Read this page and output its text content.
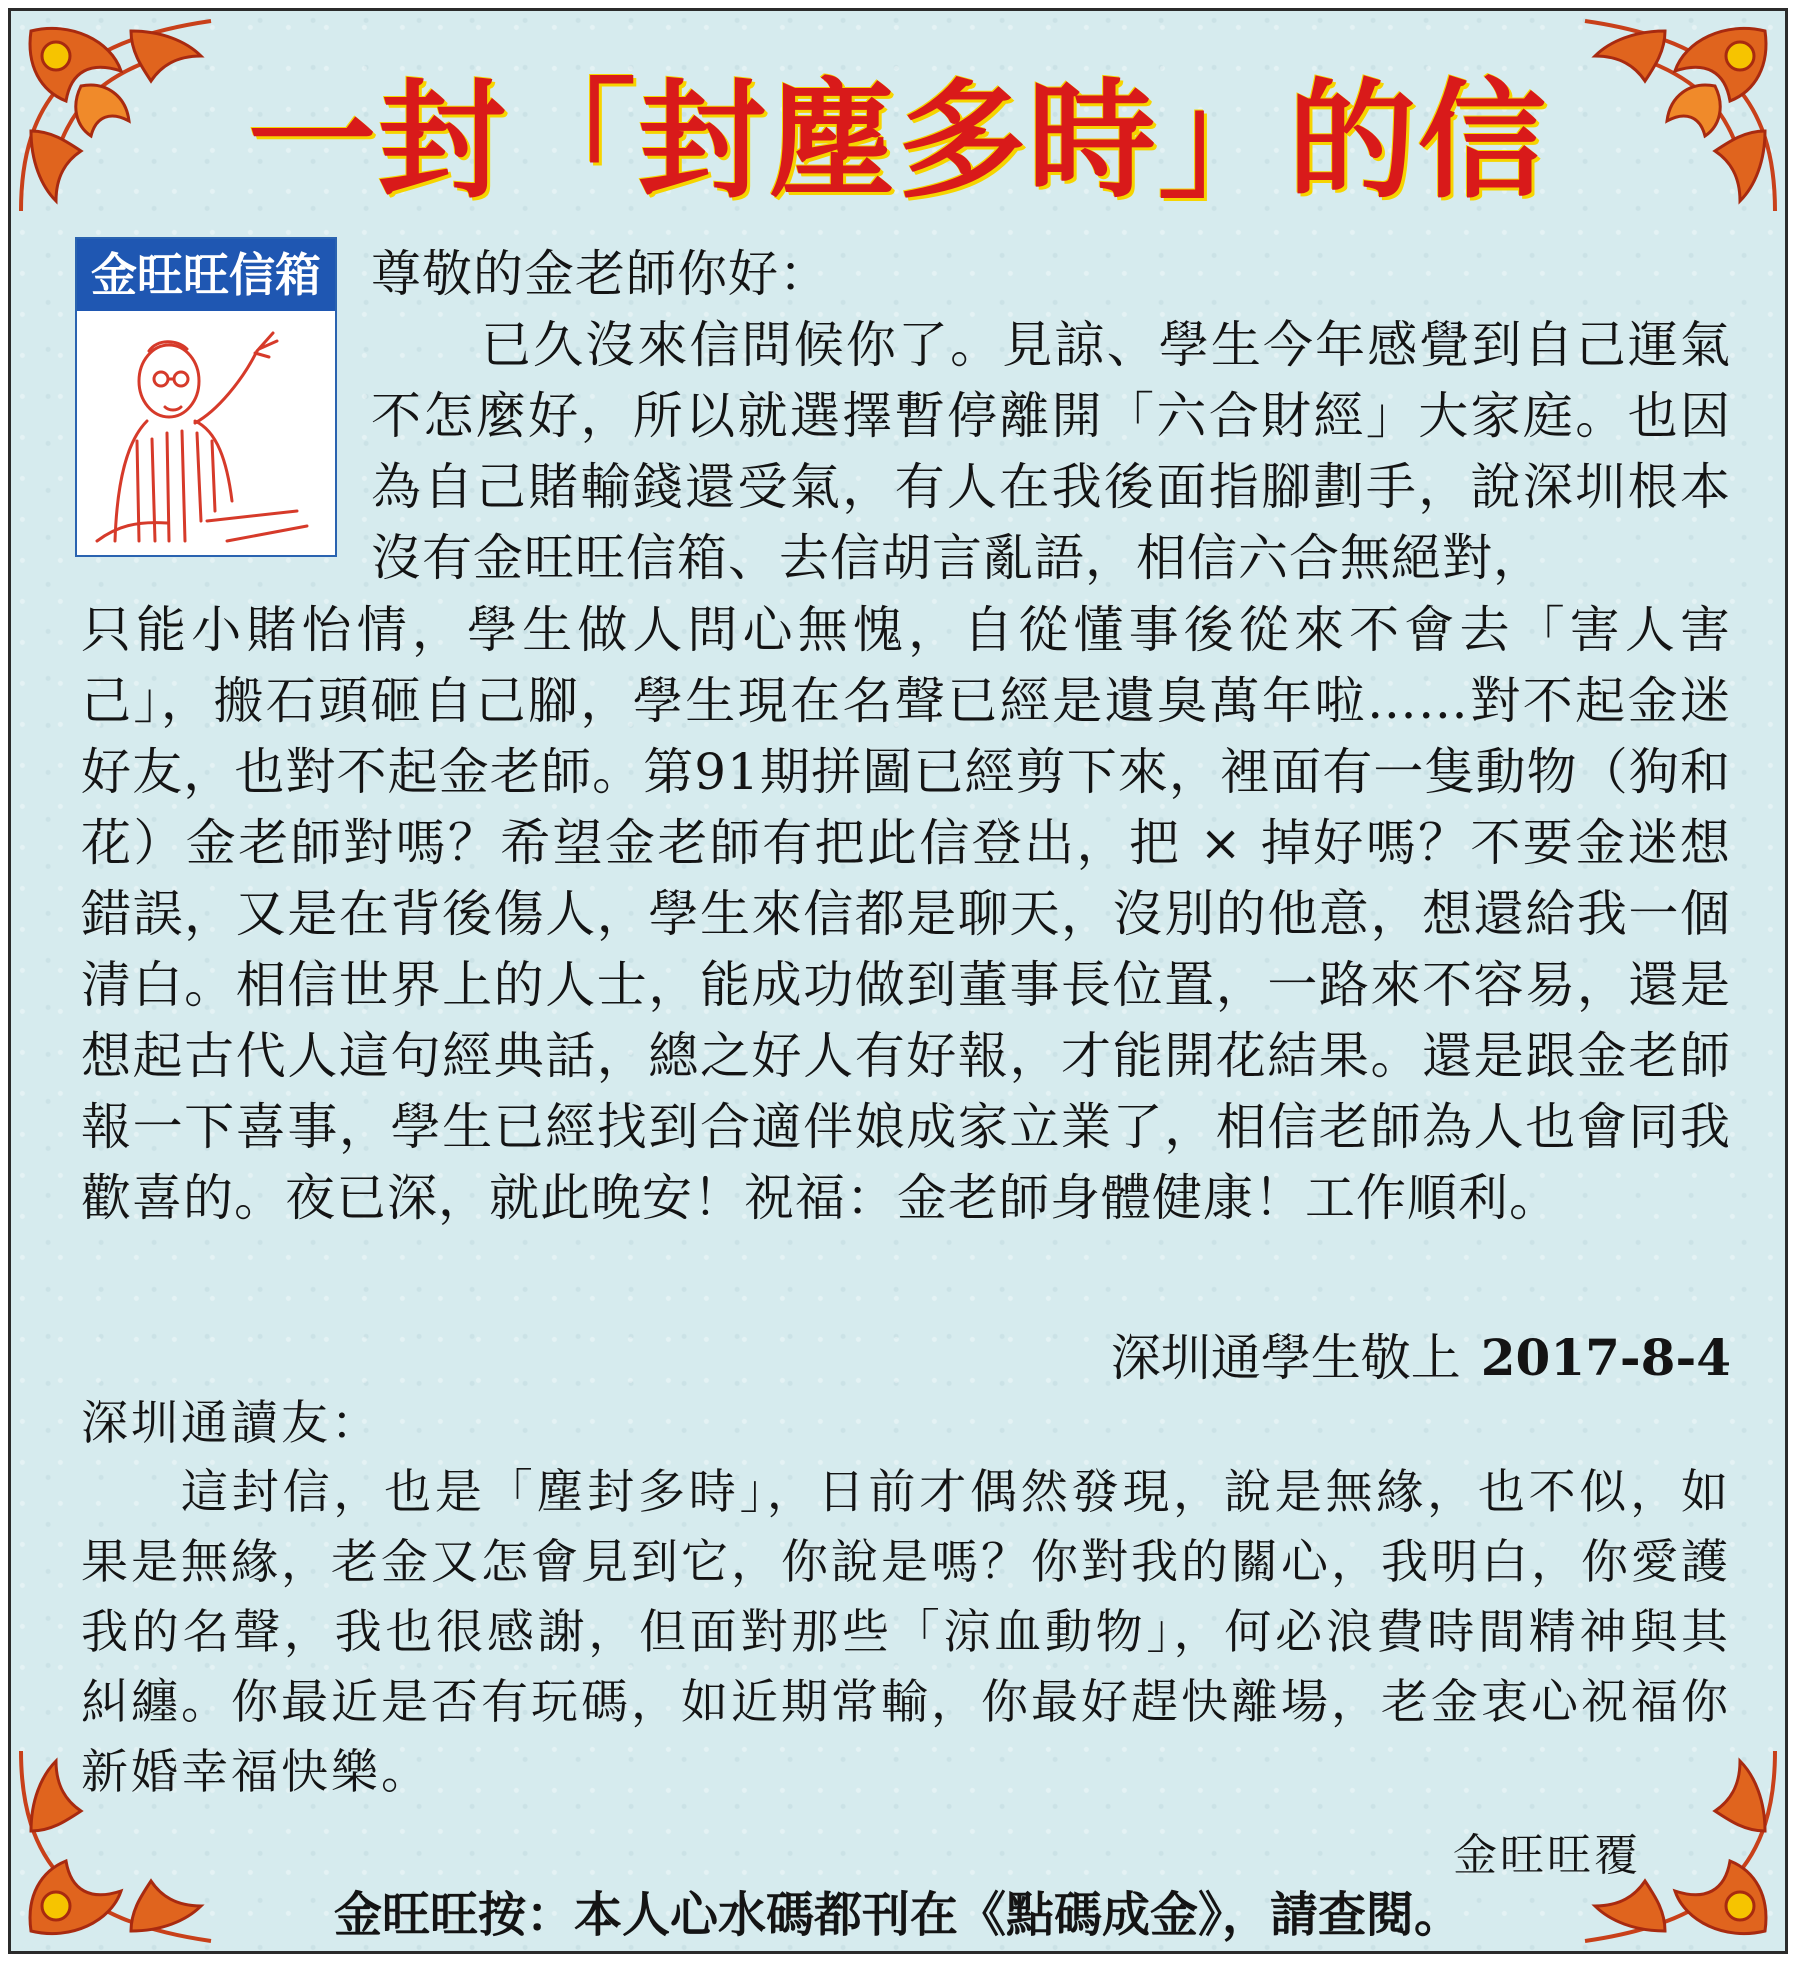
一封「封塵多時」的信
金旺旺信箱 尊敬的金老師你好：
已久沒來信問候你了。見諒、學生今年感覺到自己運氣不怎麼好，所以就選擇暫停離開「六合財經」大家庭。也因為自己賭輸錢還受氣，有人在我後面指腳劃手，說深圳根本沒有金旺旺信箱、去信胡言亂語，相信六合無絕對，
只能小賭怡情，學生做人問心無愧，自從懂事後從來不會去「害人害己」，搬石頭砸自己腳，學生現在名聲已經是遺臭萬年啦……對不起金迷好友，也對不起金老師。第91期拼圖已經剪下來，裡面有一隻動物（狗和花）金老師對嗎？希望金老師有把此信登出，把 × 掉好嗎？不要金迷想錯誤，又是在背後傷人，學生來信都是聊天，沒別的他意，想還給我一個清白。相信世界上的人士，能成功做到董事長位置，一路來不容易，還是想起古代人這句經典話，總之好人有好報，才能開花結果。還是跟金老師報一下喜事，學生已經找到合適伴娘成家立業了，相信老師為人也會同我歡喜的。夜已深，就此晚安！祝福：金老師身體健康！工作順利。
深圳通學生敬上 2017-8-4
深圳通讀友：
這封信，也是「塵封多時」，日前才偶然發現，說是無緣，也不似，如果是無緣，老金又怎會見到它，你說是嗎？你對我的關心，我明白，你愛護我的名聲，我也很感謝，但面對那些「涼血動物」，何必浪費時間精神與其糾纏。你最近是否有玩碼，如近期常輸，你最好趕快離場，老金衷心祝福你新婚幸福快樂。
金旺旺覆
金旺旺按：本人心水碼都刊在《點碼成金》，請查閱。
